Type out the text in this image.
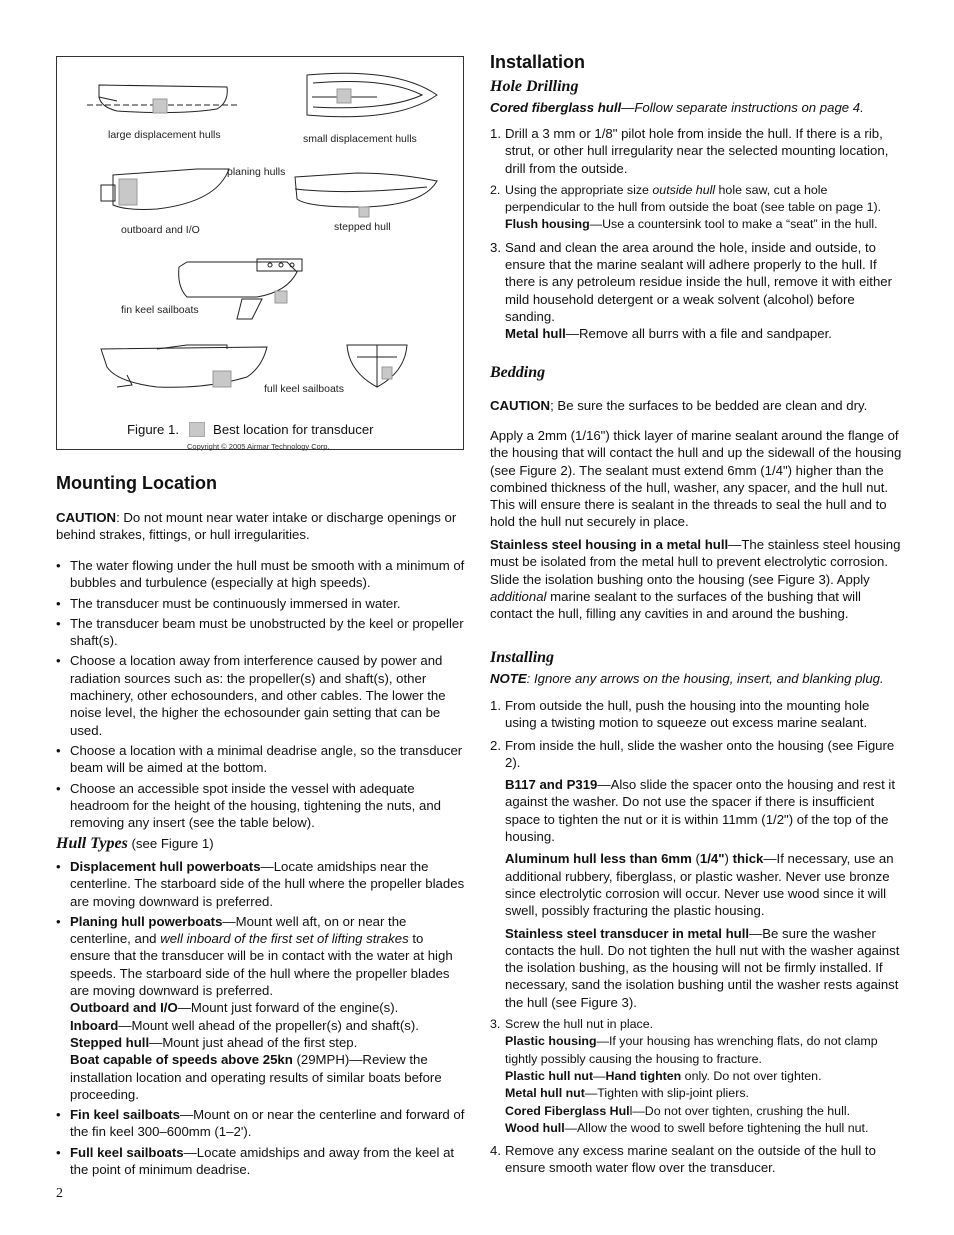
large displacement hulls	small displacement hulls
planing hulls
outboard and I/O	stepped hull
fin keel sailboats
full keel sailboats
Figure 1.	Best location for transducer
Copyright © 2005 Airmar Technology Corp.
Mounting Location

CAUTION: Do not mount near water intake or discharge openings or behind strakes, fittings, or hull irregularities.

• The water flowing under the hull must be smooth with a minimum of bubbles and turbulence (especially at high speeds).

• The transducer must be continuously immersed in water.

• The transducer beam must be unobstructed by the keel or propeller shaft(s).

• Choose a location away from interference caused by power and radiation sources such as: the propeller(s) and shaft(s), other machinery, other echosounders, and other cables. The lower the noise level, the higher the echosounder gain setting that can be used.

• Choose a location with a minimal deadrise angle, so the transducer beam will be aimed at the bottom.

• Choose an accessible spot inside the vessel with adequate headroom for the height of the housing, tightening the nuts, and removing any insert (see the table below).

Hull Types (see Figure 1)

• Displacement hull powerboats—Locate amidships near the centerline. The starboard side of the hull where the propeller blades are moving downward is preferred.

• Planing hull powerboats—Mount well aft, on or near the centerline, and well inboard of the first set of lifting strakes to ensure that the transducer will be in contact with the water at high speeds. The starboard side of the hull where the propeller blades are moving downward is preferred.

Outboard and I/O—Mount just forward of the engine(s).

Inboard—Mount well ahead of the propeller(s) and shaft(s).

Stepped hull—Mount just ahead of the first step.

Boat capable of speeds above 25kn (29MPH)—Review the installation location and operating results of similar boats before proceeding.

• Fin keel sailboats—Mount on or near the centerline and forward of the fin keel 300–600mm (1–2').

• Full keel sailboats—Locate amidships and away from the keel at the point of minimum deadrise.

Installation
Hole Drilling

Cored fiberglass hull—Follow separate instructions on page 4.

1. Drill a 3 mm or 1/8" pilot hole from inside the hull. If there is a rib, strut, or other hull irregularity near the selected mounting location, drill from the outside.

2. Using the appropriate size outside hull hole saw, cut a hole perpendicular to the hull from outside the boat (see table on page 1).

Flush housing—Use a countersink tool to make a “seat” in the hull.

3. Sand and clean the area around the hole, inside and outside, to ensure that the marine sealant will adhere properly to the hull. If there is any petroleum residue inside the hull, remove it with either mild household detergent or a weak solvent (alcohol) before sanding.

Metal hull—Remove all burrs with a file and sandpaper.

Bedding

CAUTION; Be sure the surfaces to be bedded are clean and dry.

Apply a 2mm (1/16") thick layer of marine sealant around the flange of the housing that will contact the hull and up the sidewall of the housing (see Figure 2). The sealant must extend 6mm (1/4") higher than the combined thickness of the hull, washer, any spacer, and the hull nut. This will ensure there is sealant in the threads to seal the hull and to hold the hull nut securely in place.

Stainless steel housing in a metal hull—The stainless steel housing must be isolated from the metal hull to prevent electrolytic corrosion. Slide the isolation bushing onto the housing (see Figure 3). Apply additional marine sealant to the surfaces of the bushing that will contact the hull, filling any cavities in and around the bushing.

Installing

NOTE: Ignore any arrows on the housing, insert, and blanking plug.

1. From outside the hull, push the housing into the mounting hole using a twisting motion to squeeze out excess marine sealant.

2. From inside the hull, slide the washer onto the housing (see Figure 2).

B117 and P319—Also slide the spacer onto the housing and rest it against the washer. Do not use the spacer if there is insufficient space to tighten the nut or it is within 11mm (1/2") of the top of the housing.

Aluminum hull less than 6mm (1/4") thick—If necessary, use an additional rubbery, fiberglass, or plastic washer. Never use bronze since electrolytic corrosion will occur. Never use wood since it will swell, possibly fracturing the plastic housing.

Stainless steel transducer in metal hull—Be sure the washer contacts the hull. Do not tighten the hull nut with the washer against the isolation bushing, as the housing will not be firmly installed. If necessary, sand the isolation bushing until the washer rests against the hull (see Figure 3).

3. Screw the hull nut in place.

Plastic housing—If your housing has wrenching flats, do not clamp tightly possibly causing the housing to fracture.

Plastic hull nut—Hand tighten only. Do not over tighten.

Metal hull nut—Tighten with slip-joint pliers.

Cored Fiberglass Hull—Do not over tighten, crushing the hull.

Wood hull—Allow the wood to swell before tightening the hull nut.

4. Remove any excess marine sealant on the outside of the hull to ensure smooth water flow over the transducer.

2
